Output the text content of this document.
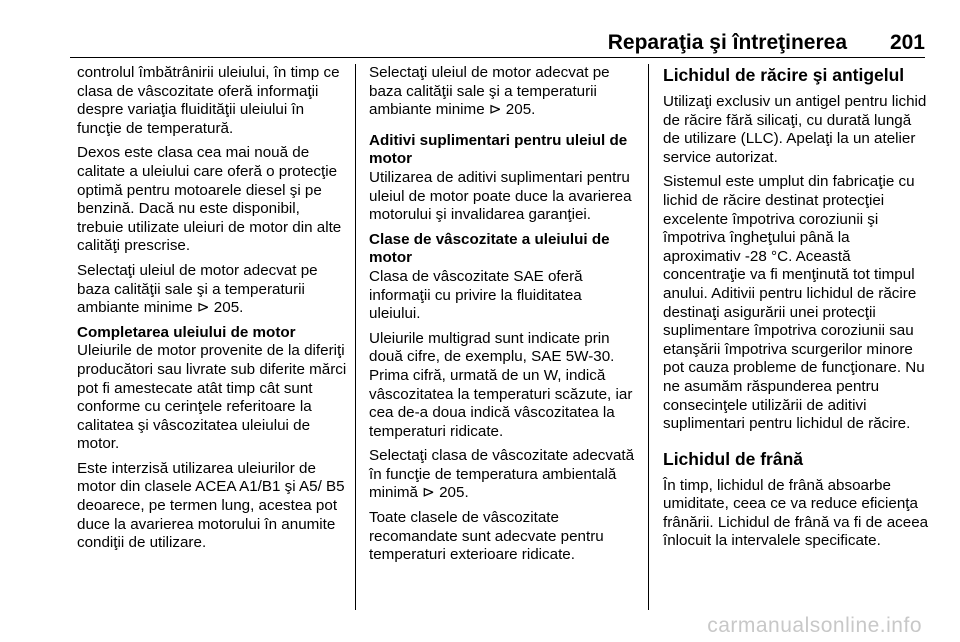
Reparaţia şi întreţinerea 201

controlul îmbătrânirii uleiului, în timp ce clasa de vâscozitate oferă informaţii despre variaţia fluidităţii uleiului în funcţie de temperatură.

Dexos este clasa cea mai nouă de calitate a uleiului care oferă o protecţie optimă pentru motoarele diesel şi pe benzină. Dacă nu este disponibil, trebuie utilizate uleiuri de motor din alte calităţi prescrise.

Selectaţi uleiul de motor adecvat pe baza calităţii sale şi a temperaturii ambiante minime ⊳ 205.

Completarea uleiului de motor

Uleiurile de motor provenite de la diferiţi producători sau livrate sub diferite mărci pot fi amestecate atât timp cât sunt conforme cu cerinţele referitoare la calitatea şi vâscozitatea uleiului de motor.

Este interzisă utilizarea uleiurilor de motor din clasele ACEA A1/B1 şi A5/ B5 deoarece, pe termen lung, acestea pot duce la avarierea motorului în anumite condiţii de utilizare.

Selectaţi uleiul de motor adecvat pe baza calităţii sale şi a temperaturii ambiante minime ⊳ 205.

Aditivi suplimentari pentru uleiul de motor

Utilizarea de aditivi suplimentari pentru uleiul de motor poate duce la avarierea motorului şi invalidarea garanţiei.

Clase de vâscozitate a uleiului de motor

Clasa de vâscozitate SAE oferă informaţii cu privire la fluiditatea uleiului.

Uleiurile multigrad sunt indicate prin două cifre, de exemplu, SAE 5W-30. Prima cifră, urmată de un W, indică vâscozitatea la temperaturi scăzute, iar cea de-a doua indică vâscozitatea la temperaturi ridicate.

Selectaţi clasa de vâscozitate adecvată în funcţie de temperatura ambientală minimă ⊳ 205.

Toate clasele de vâscozitate recomandate sunt adecvate pentru temperaturi exterioare ridicate.

Lichidul de răcire şi antigelul

Utilizaţi exclusiv un antigel pentru lichid de răcire fără silicaţi, cu durată lungă de utilizare (LLC). Apelaţi la un atelier service autorizat.

Sistemul este umplut din fabricaţie cu lichid de răcire destinat protecţiei excelente împotriva coroziunii şi împotriva îngheţului până la aproximativ -28 °C. Această concentraţie va fi menţinută tot timpul anului. Aditivii pentru lichidul de răcire destinaţi asigurării unei protecţii suplimentare împotriva coroziunii sau etanşării împotriva scurgerilor minore pot cauza probleme de funcţionare. Nu ne asumăm răspunderea pentru consecinţele utilizării de aditivi suplimentari pentru lichidul de răcire.

Lichidul de frână

În timp, lichidul de frână absoarbe umiditate, ceea ce va reduce eficienţa frânării. Lichidul de frână va fi de aceea înlocuit la intervalele specificate.

carmanualsonline.info
